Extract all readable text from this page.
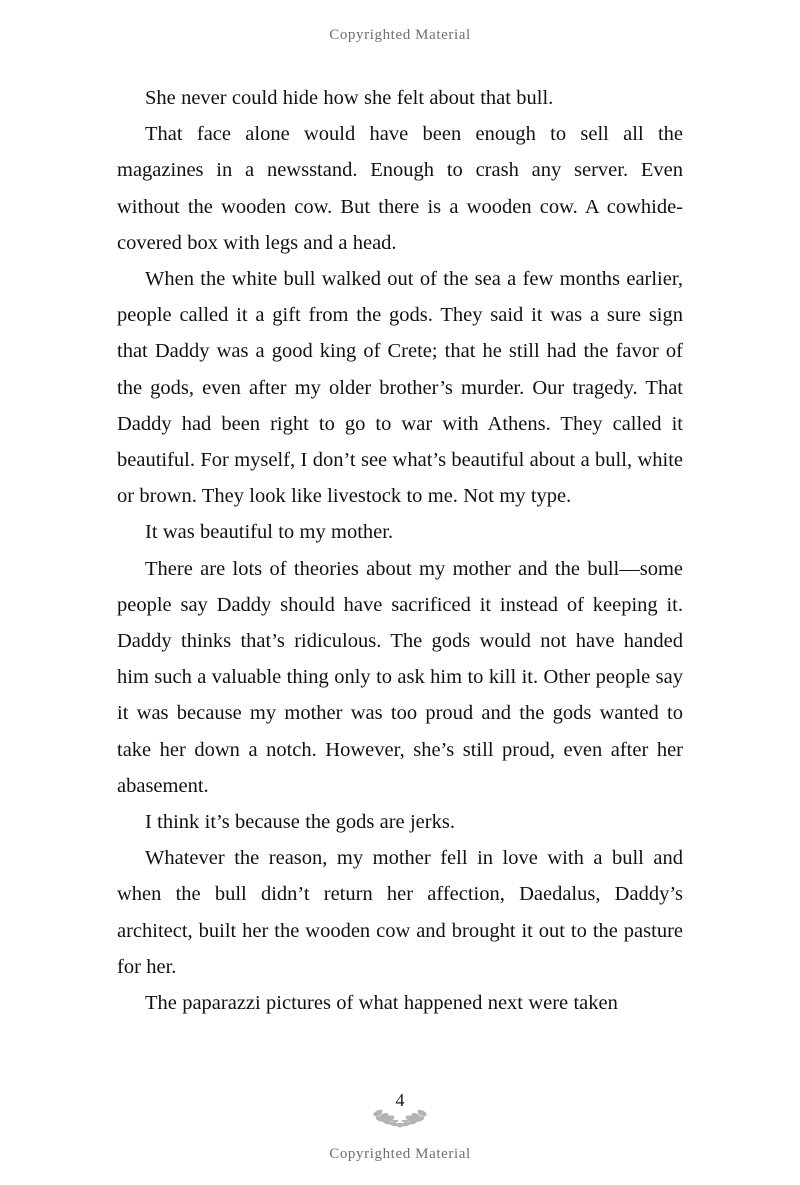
Copyrighted Material

She never could hide how she felt about that bull.

That face alone would have been enough to sell all the magazines in a newsstand. Enough to crash any server. Even without the wooden cow. But there is a wooden cow. A cowhide-covered box with legs and a head.

When the white bull walked out of the sea a few months earlier, people called it a gift from the gods. They said it was a sure sign that Daddy was a good king of Crete; that he still had the favor of the gods, even after my older brother’s murder. Our tragedy. That Daddy had been right to go to war with Athens. They called it beautiful. For myself, I don’t see what’s beautiful about a bull, white or brown. They look like livestock to me. Not my type.

It was beautiful to my mother.

There are lots of theories about my mother and the bull—some people say Daddy should have sacrificed it instead of keeping it. Daddy thinks that’s ridiculous. The gods would not have handed him such a valuable thing only to ask him to kill it. Other people say it was because my mother was too proud and the gods wanted to take her down a notch. However, she’s still proud, even after her abasement.

I think it’s because the gods are jerks.

Whatever the reason, my mother fell in love with a bull and when the bull didn’t return her affection, Daedalus, Daddy’s architect, built her the wooden cow and brought it out to the pasture for her.

The paparazzi pictures of what happened next were taken

4
Copyrighted Material
